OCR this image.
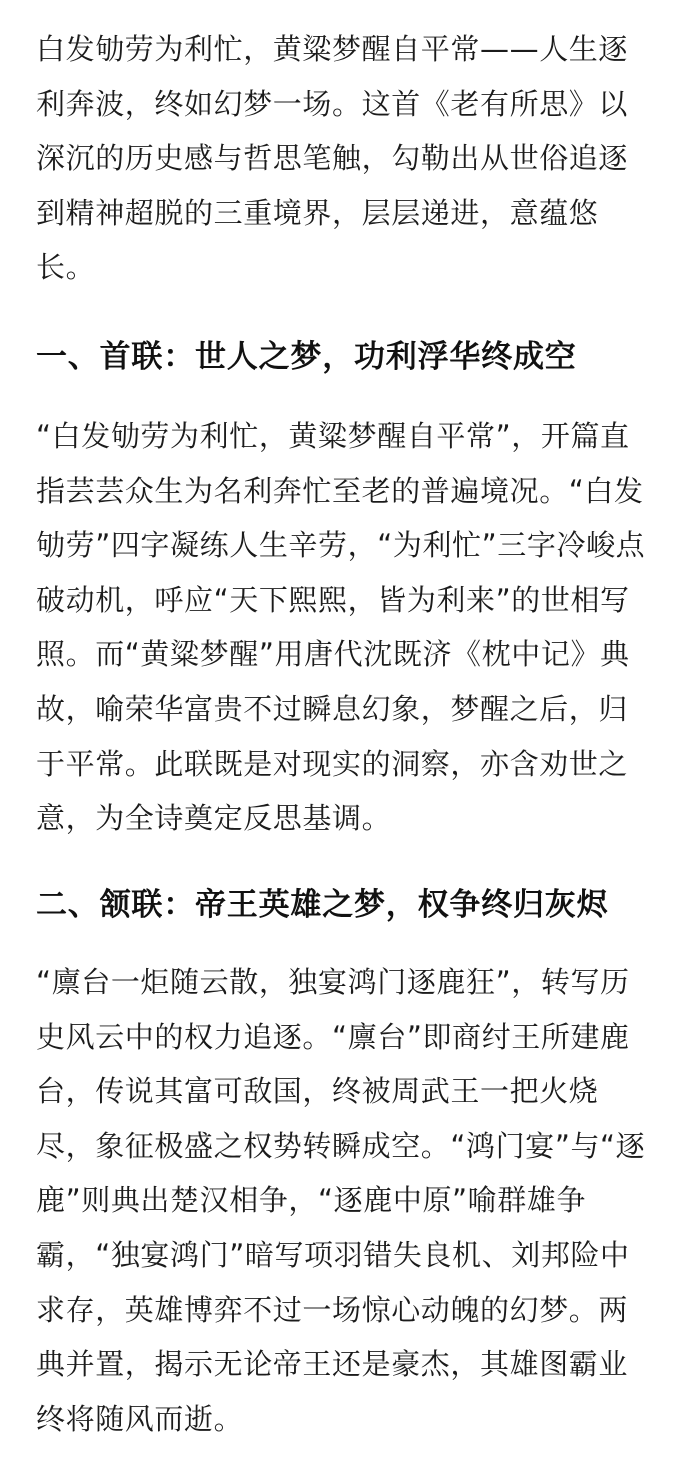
白发劬劳为利忙，黄粱梦醒自平常——人生逐
利奔波，终如幻梦一场。这首《老有所思》以
深沉的历史感与哲思笔触，勾勒出从世俗追逐
到精神超脱的三重境界，层层递进，意蕴悠
长。

一、首联：世人之梦，功利浮华终成空

“白发劬劳为利忙，黄粱梦醒自平常”，开篇直
指芸芸众生为名利奔忙至老的普遍境况。“白发
劬劳”四字凝练人生辛劳，“为利忙”三字冷峻点
破动机，呼应“天下熙熙，皆为利来”的世相写
照。而“黄粱梦醒”用唐代沈既济《枕中记》典
故，喻荣华富贵不过瞬息幻象，梦醒之后，归
于平常。此联既是对现实的洞察，亦含劝世之
意，为全诗奠定反思基调。

二、颔联：帝王英雄之梦，权争终归灰烬

“廪台一炬随云散，独宴鸿门逐鹿狂”，转写历
史风云中的权力追逐。“廪台”即商纣王所建鹿
台，传说其富可敌国，终被周武王一把火烧
尽，象征极盛之权势转瞬成空。“鸿门宴”与“逐
鹿”则典出楚汉相争，“逐鹿中原”喻群雄争
霸，“独宴鸿门”暗写项羽错失良机、刘邦险中
求存，英雄博弈不过一场惊心动魄的幻梦。两
典并置，揭示无论帝王还是豪杰，其雄图霸业
终将随风而逝。
